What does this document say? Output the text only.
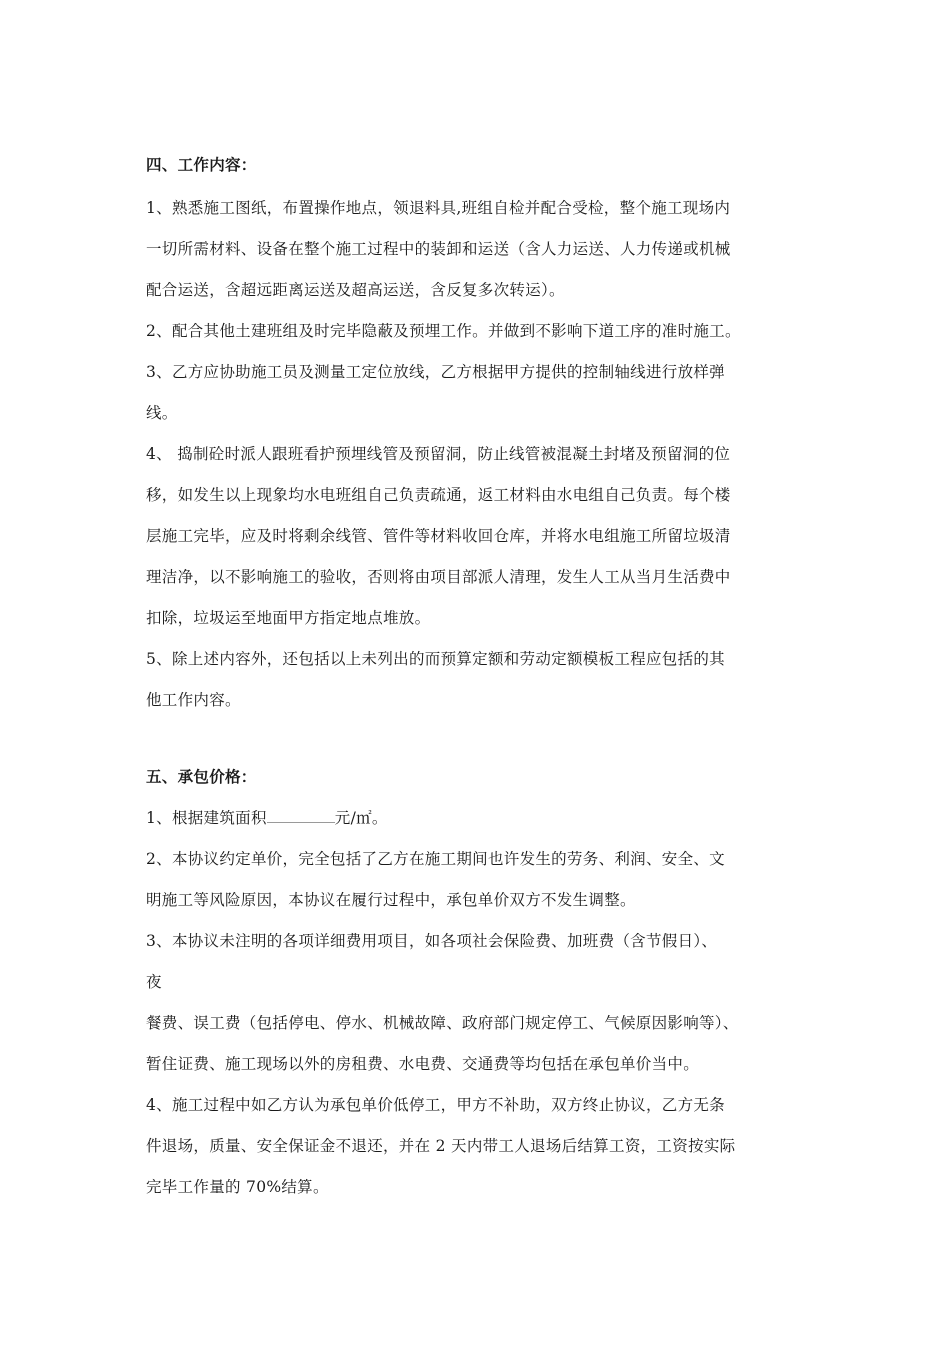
四、工作内容：
1、熟悉施工图纸，布置操作地点，领退料具,班组自检并配合受检，整个施工现场内
一切所需材料、设备在整个施工过程中的装卸和运送（含人力运送、人力传递或机械
配合运送，含超远距离运送及超高运送，含反复多次转运）。
2、配合其他土建班组及时完毕隐蔽及预埋工作。并做到不影响下道工序的准时施工。
3、乙方应协助施工员及测量工定位放线，乙方根据甲方提供的控制轴线进行放样弹
线。
4、 捣制砼时派人跟班看护预埋线管及预留洞，防止线管被混凝土封堵及预留洞的位
移，如发生以上现象均水电班组自己负责疏通，返工材料由水电组自己负责。每个楼
层施工完毕，应及时将剩余线管、管件等材料收回仓库，并将水电组施工所留垃圾清
理洁净，以不影响施工的验收，否则将由项目部派人清理，发生人工从当月生活费中
扣除，垃圾运至地面甲方指定地点堆放。
5、除上述内容外，还包括以上未列出的而预算定额和劳动定额模板工程应包括的其
他工作内容。
五、承包价格：
1、根据建筑面积	元/㎡。
2、本协议约定单价，完全包括了乙方在施工期间也许发生的劳务、利润、安全、文
明施工等风险原因，本协议在履行过程中，承包单价双方不发生调整。
3、本协议未注明的各项详细费用项目，如各项社会保险费、加班费（含节假日）、
夜
餐费、误工费（包括停电、停水、机械故障、政府部门规定停工、气候原因影响等）、
暂住证费、施工现场以外的房租费、水电费、交通费等均包括在承包单价当中。
4、施工过程中如乙方认为承包单价低停工，甲方不补助，双方终止协议，乙方无条
件退场，质量、安全保证金不退还，并在 2 天内带工人退场后结算工资，工资按实际
完毕工作量的 70%结算。
